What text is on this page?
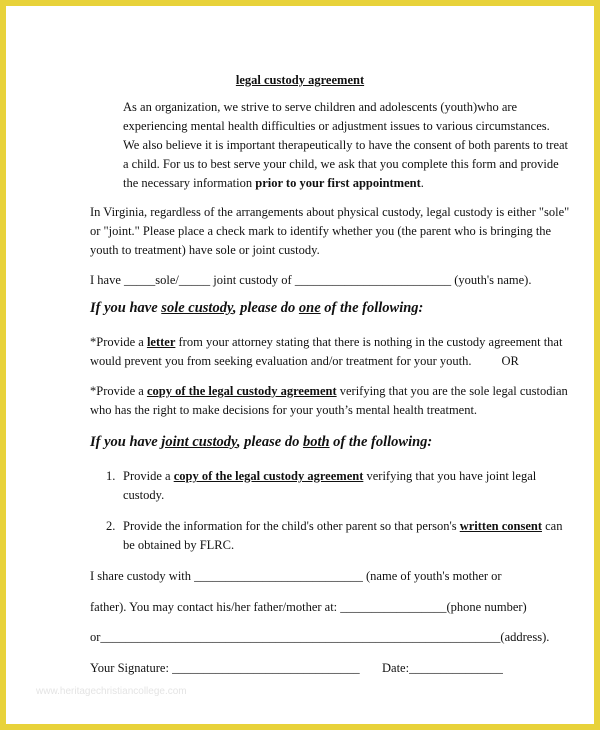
legal custody agreement
As an organization, we strive to serve children and adolescents (youth)who are
experiencing mental health difficulties or adjustment issues to various circumstances.
We also believe it is important therapeutically to have the consent of both parents to treat
a child. For us to best serve your child, we ask that you complete this form and provide
the necessary information prior to your first appointment.
In Virginia, regardless of the arrangements about physical custody, legal custody is either "sole"
or "joint." Please place a check mark to identify whether you (the parent who is bringing the
youth to treatment) have sole or joint custody.
I have _____sole/_____ joint custody of _________________________ (youth's name).
If you have sole custody, please do one of the following:
*Provide a letter from your attorney stating that there is nothing in the custody agreement that
would prevent you from seeking evaluation and/or treatment for your youth. OR
*Provide a copy of the legal custody agreement verifying that you are the sole legal custodian
who has the right to make decisions for your youth’s mental health treatment.
If you have joint custody, please do both of the following:
1. Provide a copy of the legal custody agreement verifying that you have joint legal
custody.
2. Provide the information for the child's other parent so that person's written consent can
be obtained by FLRC.
I share custody with ___________________________ (name of youth's mother or
father). You may contact his/her father/mother at: _________________(phone number)
or________________________________________________________________(address).
Your Signature: ______________________________ Date:_______________
www.heritagechristiancollege.com
